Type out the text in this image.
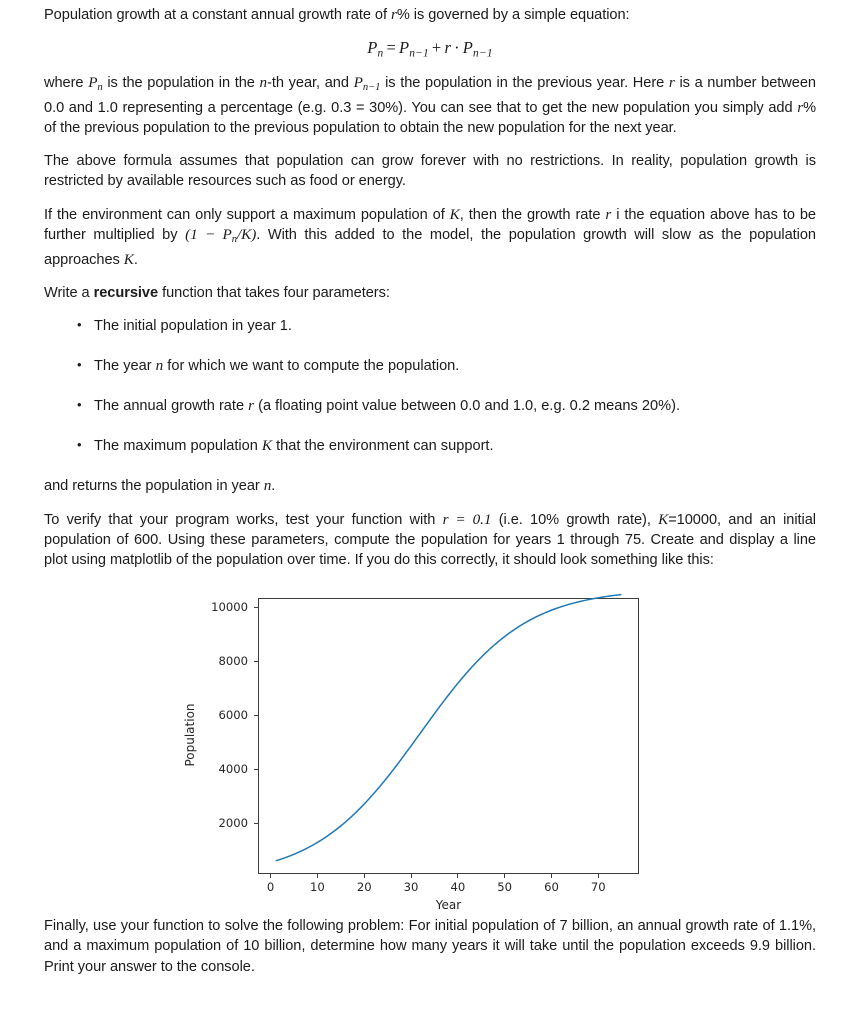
Population growth at a constant annual growth rate of r% is governed by a simple equation:

$P_n = P_{n-1} + r \cdot P_{n-1}$

where $P_n$ is the population in the n-th year, and $P_{n-1}$ is the population in the previous year. Here r is a number between 0.0 and 1.0 representing a percentage (e.g. 0.3 = 30%). You can see that to get the new population you simply add r% of the previous population to the previous population to obtain the new population for the next year.

The above formula assumes that population can grow forever with no restrictions. In reality, population growth is restricted by available resources such as food or energy.

If the environment can only support a maximum population of K, then the growth rate r i the equation above has to be further multiplied by $(1 - P_n/K)$. With this added to the model, the population growth will slow as the population approaches K.

Write a recursive function that takes four parameters:

• The initial population in year 1.
• The year n for which we want to compute the population.
• The annual growth rate r (a floating point value between 0.0 and 1.0, e.g. 0.2 means 20%).
• The maximum population K that the environment can support.

and returns the population in year n.

To verify that your program works, test your function with r = 0.1 (i.e. 10% growth rate), K=10000, and an initial population of 600. Using these parameters, compute the population for years 1 through 75. Create and display a line plot using matplotlib of the population over time. If you do this correctly, it should look something like this:

2000
4000
6000
8000
10000
0	10	20	30	40	50	60	70
Year
Population

Finally, use your function to solve the following problem: For initial population of 7 billion, an annual growth rate of 1.1%, and a maximum population of 10 billion, determine how many years it will take until the population exceeds 9.9 billion. Print your answer to the console.
